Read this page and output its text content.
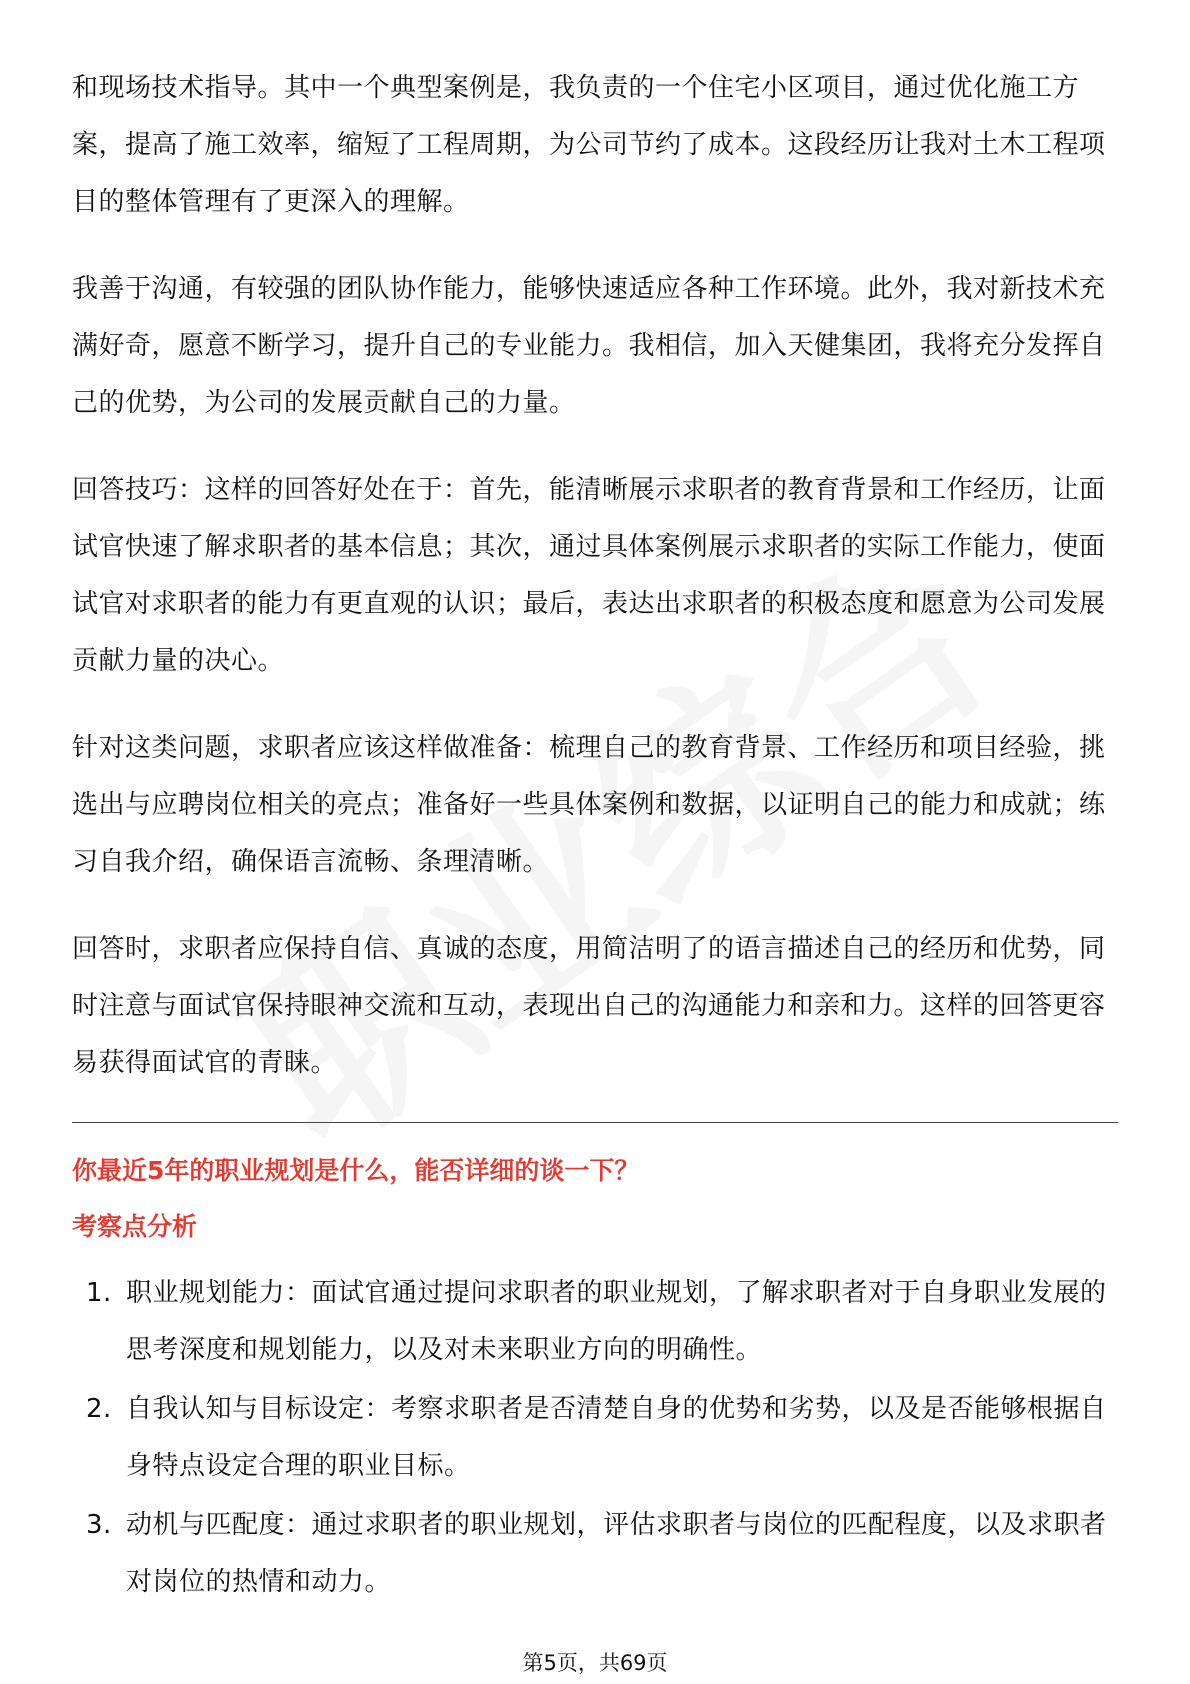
和现场技术指导。其中一个典型案例是，我负责的一个住宅小区项目，通过优化施工方案，提高了施工效率，缩短了工程周期，为公司节约了成本。这段经历让我对土木工程项目的整体管理有了更深入的理解。

我善于沟通，有较强的团队协作能力，能够快速适应各种工作环境。此外，我对新技术充满好奇，愿意不断学习，提升自己的专业能力。我相信，加入天健集团，我将充分发挥自己的优势，为公司的发展贡献自己的力量。

回答技巧：这样的回答好处在于：首先，能清晰展示求职者的教育背景和工作经历，让面试官快速了解求职者的基本信息；其次，通过具体案例展示求职者的实际工作能力，使面试官对求职者的能力有更直观的认识；最后，表达出求职者的积极态度和愿意为公司发展贡献力量的决心。

针对这类问题，求职者应该这样做准备：梳理自己的教育背景、工作经历和项目经验，挑选出与应聘岗位相关的亮点；准备好一些具体案例和数据，以证明自己的能力和成就；练习自我介绍，确保语言流畅、条理清晰。

回答时，求职者应保持自信、真诚的态度，用简洁明了的语言描述自己的经历和优势，同时注意与面试官保持眼神交流和互动，表现出自己的沟通能力和亲和力。这样的回答更容易获得面试官的青睐。

你最近5年的职业规划是什么，能否详细的谈一下？
考察点分析
1. 职业规划能力：面试官通过提问求职者的职业规划，了解求职者对于自身职业发展的思考深度和规划能力，以及对未来职业方向的明确性。
2. 自我认知与目标设定：考察求职者是否清楚自身的优势和劣势，以及是否能够根据自身特点设定合理的职业目标。
3. 动机与匹配度：通过求职者的职业规划，评估求职者与岗位的匹配程度，以及求职者对岗位的热情和动力。
第5页，共69页
